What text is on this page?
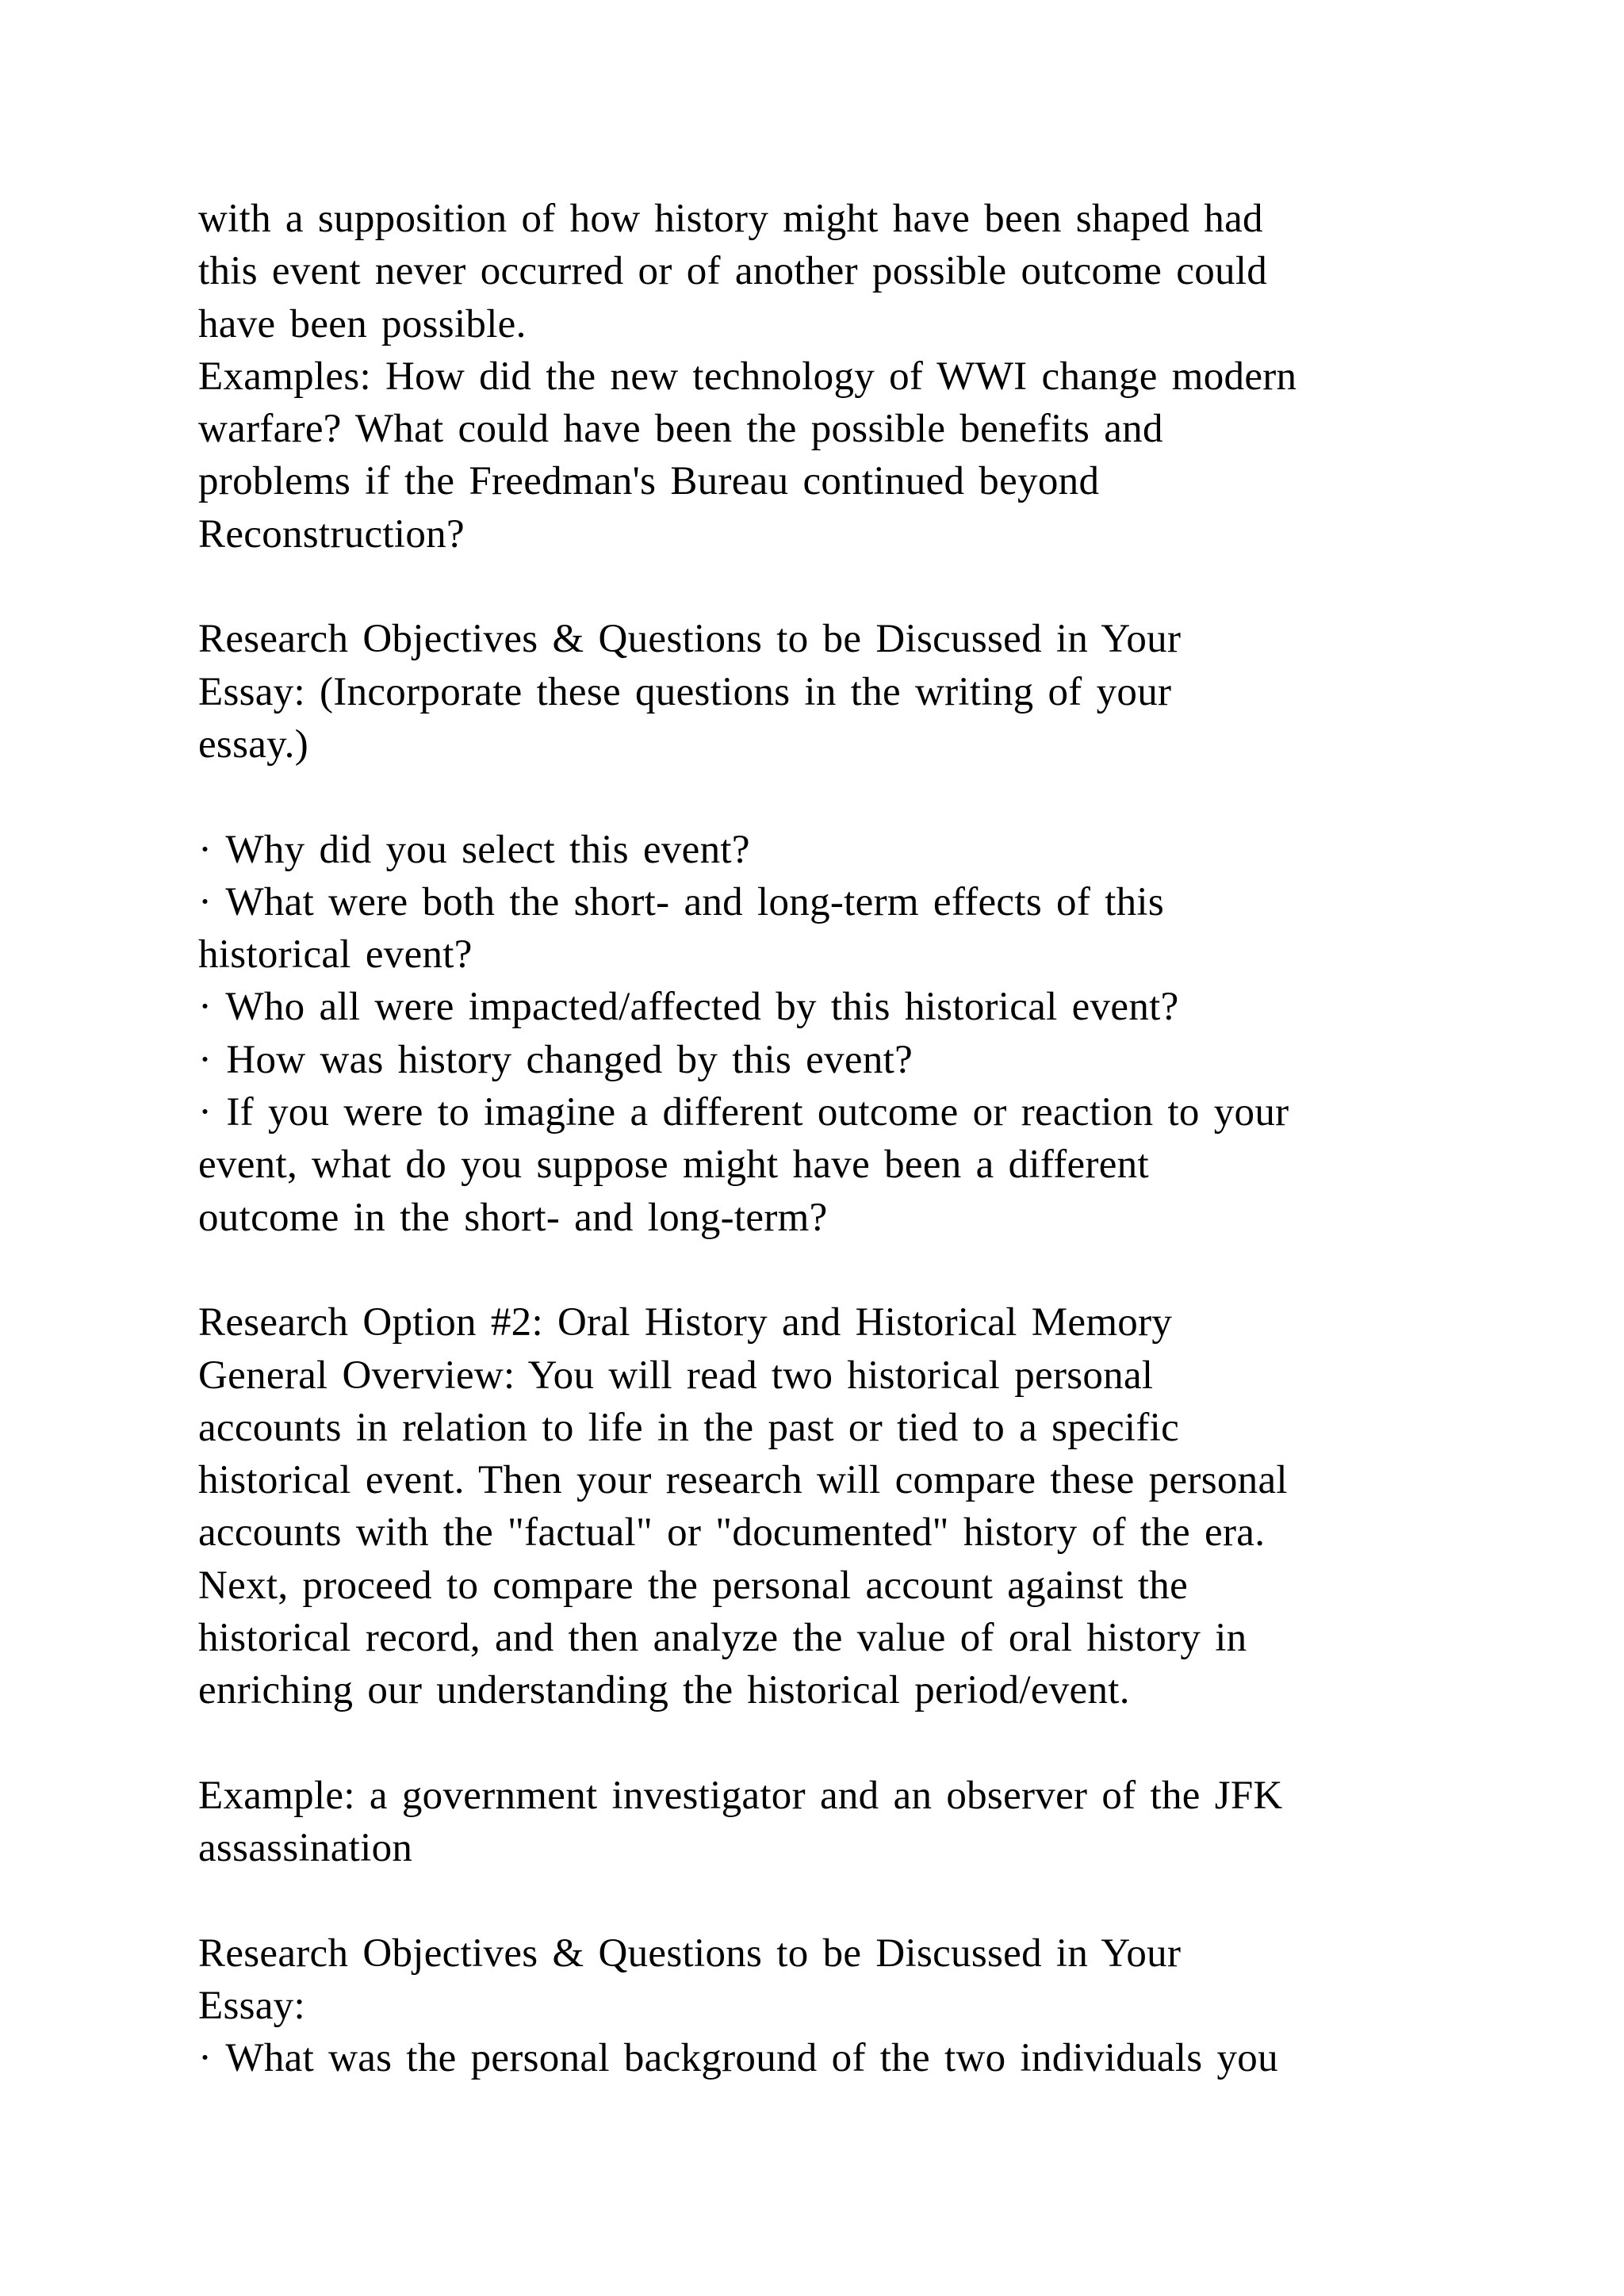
with a supposition of how history might have been shaped had
this event never occurred or of another possible outcome could
have been possible.
Examples: How did the new technology of WWI change modern
warfare? What could have been the possible benefits and
problems if the Freedman's Bureau continued beyond
Reconstruction?
Research Objectives & Questions to be Discussed in Your
Essay: (Incorporate these questions in the writing of your
essay.)
· Why did you select this event?
· What were both the short- and long-term effects of this
historical event?
· Who all were impacted/affected by this historical event?
· How was history changed by this event?
· If you were to imagine a different outcome or reaction to your
event, what do you suppose might have been a different
outcome in the short- and long-term?
Research Option #2: Oral History and Historical Memory
General Overview: You will read two historical personal
accounts in relation to life in the past or tied to a specific
historical event. Then your research will compare these personal
accounts with the "factual" or "documented" history of the era.
Next, proceed to compare the personal account against the
historical record, and then analyze the value of oral history in
enriching our understanding the historical period/event.
Example: a government investigator and an observer of the JFK
assassination
Research Objectives & Questions to be Discussed in Your
Essay:
· What was the personal background of the two individuals you
